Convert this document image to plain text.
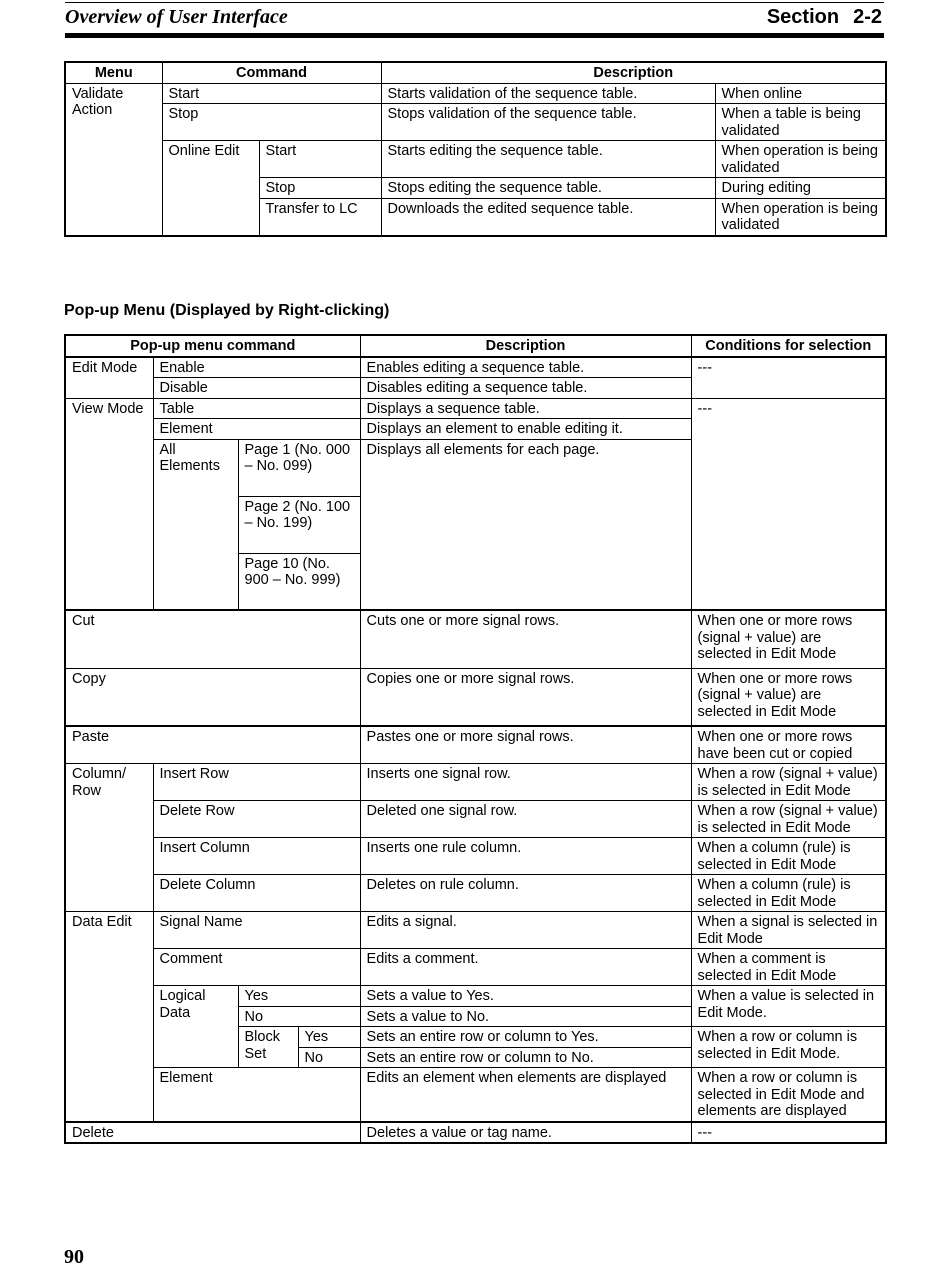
Overview of User Interface	Section 2-2
Menu	Command		Description	
Validate Action	Start		Starts validation of the sequence table.	When online
	Stop		Stops validation of the sequence table.	When a table is being validated
	Online Edit	Start	Starts editing the sequence table.	When operation is being validated
		Stop	Stops editing the sequence table.	During editing
		Transfer to LC	Downloads the edited sequence table.	When operation is being validated
Pop-up Menu (Displayed by Right-clicking)
Pop-up menu command				Description	Conditions for selection
Edit Mode	Enable			Enables editing a sequence table.	---
	Disable			Disables editing a sequence table.	
View Mode	Table			Displays a sequence table.	---
	Element			Displays an element to enable editing it.	
	All Elements	Page 1 (No. 000 – No. 099)		Displays all elements for each page.	
		Page 2 (No. 100 – No. 199)			
		Page 10 (No. 900 – No. 999)			
Cut				Cuts one or more signal rows.	When one or more rows (signal + value) are selected in Edit Mode
Copy				Copies one or more signal rows.	When one or more rows (signal + value) are selected in Edit Mode
Paste				Pastes one or more signal rows.	When one or more rows have been cut or copied
Column/ Row	Insert Row			Inserts one signal row.	When a row (signal + value) is selected in Edit Mode
	Delete Row			Deleted one signal row.	When a row (signal + value) is selected in Edit Mode
	Insert Column			Inserts one rule column.	When a column (rule) is selected in Edit Mode
	Delete Column			Deletes on rule column.	When a column (rule) is selected in Edit Mode
Data Edit	Signal Name			Edits a signal.	When a signal is selected in Edit Mode
	Comment			Edits a comment.	When a comment is selected in Edit Mode
	Logical Data	Yes		Sets a value to Yes.	When a value is selected in Edit Mode.
		No		Sets a value to No.	
		Block Set	Yes	Sets an entire row or column to Yes.	When a row or column is selected in Edit Mode.
			No	Sets an entire row or column to No.	
	Element			Edits an element when elements are displayed	When a row or column is selected in Edit Mode and elements are displayed
Delete				Deletes a value or tag name.	---
90
